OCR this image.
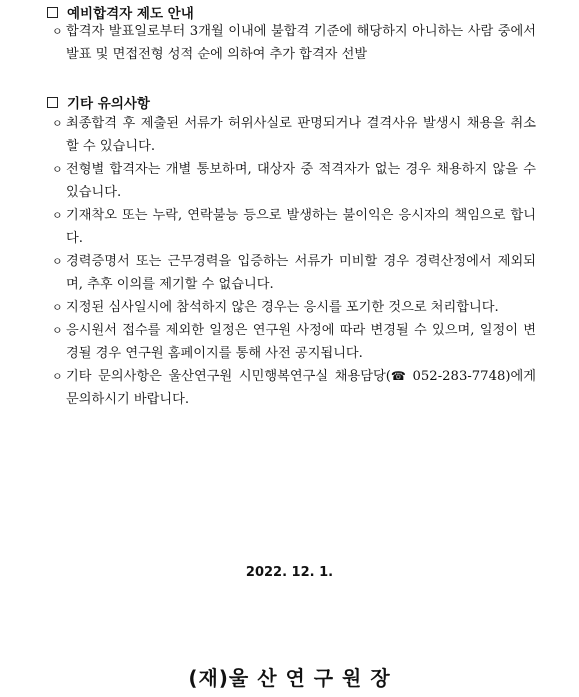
예비합격자 제도 안내
ㅇ 합격자 발표일로부터 3개월 이내에 불합격 기준에 해당하지 아니하는 사람 중에서 발표 및 면접전형 성적 순에 의하여 추가 합격자 선발
기타 유의사항
ㅇ 최종합격 후 제출된 서류가 허위사실로 판명되거나 결격사유 발생시 채용을 취소할 수 있습니다.
ㅇ 전형별 합격자는 개별 통보하며, 대상자 중 적격자가 없는 경우 채용하지 않을 수 있습니다.
ㅇ 기재착오 또는 누락, 연락불능 등으로 발생하는 불이익은 응시자의 책임으로 합니다.
ㅇ 경력증명서 또는 근무경력을 입증하는 서류가 미비할 경우 경력산정에서 제외되며, 추후 이의를 제기할 수 없습니다.
ㅇ 지정된 심사일시에 참석하지 않은 경우는 응시를 포기한 것으로 처리합니다.
ㅇ 응시원서 접수를 제외한 일정은 연구원 사정에 따라 변경될 수 있으며, 일정이 변경될 경우 연구원 홈페이지를 통해 사전 공지됩니다.
ㅇ 기타 문의사항은 울산연구원 시민행복연구실 채용담당(☎ 052-283-7748)에게 문의하시기 바랍니다.
2022. 12. 1.
(재)울 산 연 구 원 장
